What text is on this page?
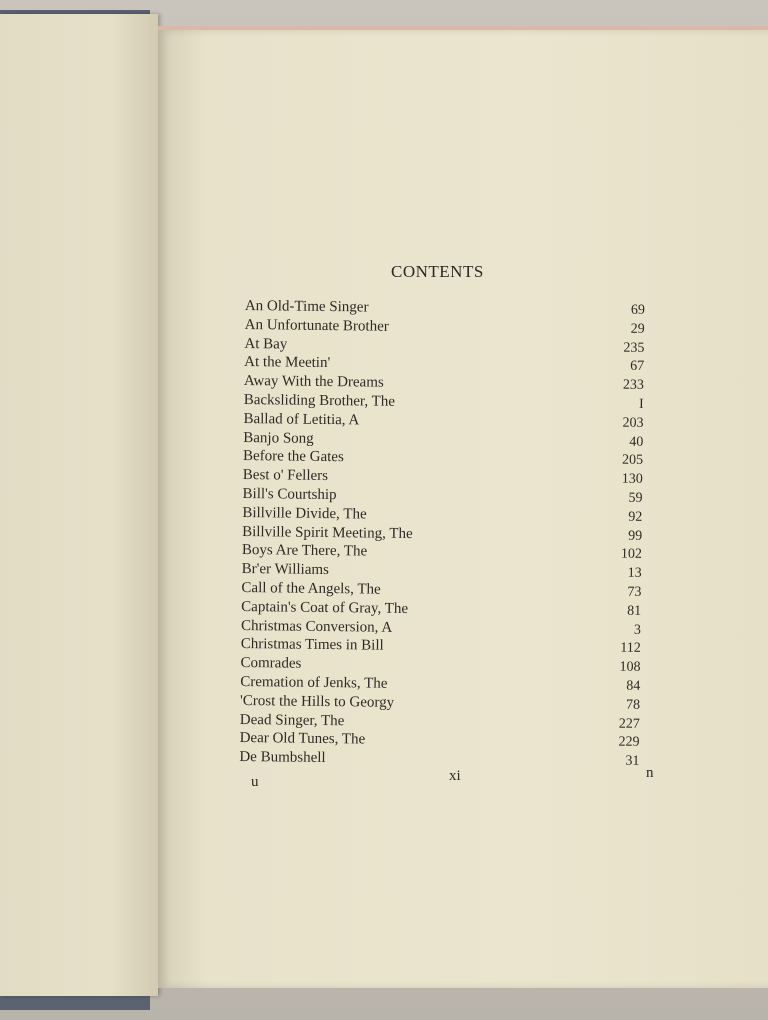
CONTENTS
An Old-Time Singer	69
An Unfortunate Brother	29
At Bay	235
At the Meetin'	67
Away With the Dreams	233
Backsliding Brother, The	I
Ballad of Letitia, A	203
Banjo Song	40
Before the Gates	205
Best o' Fellers	130
Bill's Courtship	59
Billville Divide, The	92
Billville Spirit Meeting, The	99
Boys Are There, The	102
Br'er Williams	13
Call of the Angels, The	73
Captain's Coat of Gray, The	81
Christmas Conversion, A	3
Christmas Times in Bill	112
Comrades	108
Cremation of Jenks, The	84
'Crost the Hills to Georgy	78
Dead Singer, The	227
Dear Old Tunes, The	229
De Bumbshell	31
u	xi	n
